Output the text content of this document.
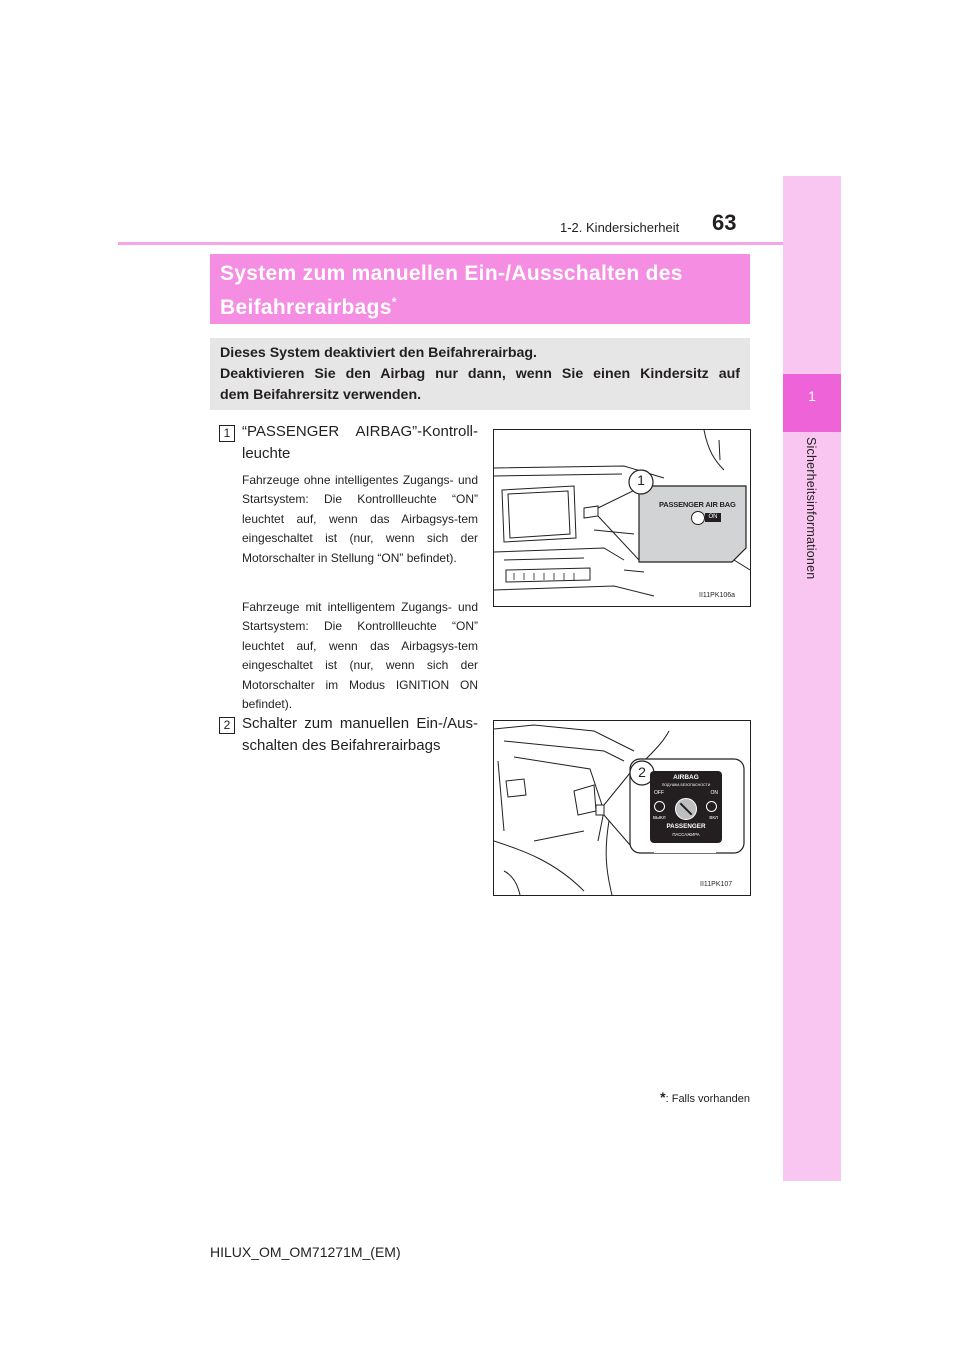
1
Sicherheitsinformationen
1-2. Kindersicherheit 63
System zum manuellen Ein-/Ausschalten des
Beifahrerairbags*
Dieses System deaktiviert den Beifahrerairbag.
Deaktivieren Sie den Airbag nur dann, wenn Sie einen Kindersitz auf
dem Beifahrersitz verwenden.
1 “PASSENGER AIRBAG”-Kontroll-
leuchte
Fahrzeuge ohne intelligentes Zugangs- und Startsystem: Die Kontrollleuchte “ON” leuchtet auf, wenn das Airbagsys-tem eingeschaltet ist (nur, wenn sich der Motorschalter in Stellung “ON” befindet).
Fahrzeuge mit intelligentem Zugangs- und Startsystem: Die Kontrollleuchte “ON” leuchtet auf, wenn das Airbagsys-tem eingeschaltet ist (nur, wenn sich der Motorschalter im Modus IGNITION ON befindet).
2 Schalter zum manuellen Ein-/Aus-
schalten des Beifahrerairbags
1
PASSENGER AIR BAG
ON
II11PK106a
2	AIRBAG
ПОДУШКА БЕЗОПАСНОСТИ
OFF	ON
ВЫКЛ	ВКЛ
PASSENGER
ПАССАЖИРА
II11PK107
*: Falls vorhanden
HILUX_OM_OM71271M_(EM)
